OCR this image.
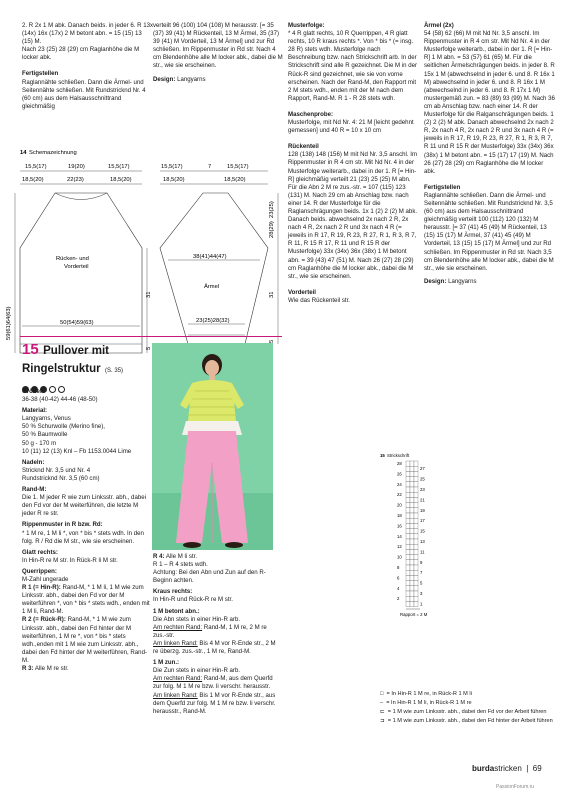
2. R 2x 1 M abk. Danach beids. in jeder 6. R 13x (14x) 16x (17x) 2 M betont abn. = 15 (15) 13 (15) M.

Nach 23 (25) 28 (29) cm Raglanhöhe die M locker abk.

Fertigstellen

Raglannähte schließen. Dann die Ärmel- und Seitennähte schließen. Mit Rundstricknd Nr. 4 (60 cm) aus dem Halsausschnittrand gleichmäßig

verteilt 96 (100) 104 (108) M herausstr. [= 35 (37) 39 (41) M Rückenteil, 13 M Ärmel, 35 (37) 39 (41) M Vorderteil, 13 M Ärmel] und zur Rd schließen. Im Rippenmuster in Rd str. Nach 4 cm Blendenhöhe alle M locker abk., dabei die M str., wie sie erscheinen.

Design: Langyarns

Musterfolge:

* 4 R glatt rechts, 10 R Querrippen, 4 R glatt rechts, 10 R kraus rechts *. Von * bis * (= insg. 28 R) stets wdh. Musterfolge nach Beschreibung bzw. nach Strickschrift arb. In der Strickschrift sind alle R gezeichnet. Die M in der Rück-R sind gezeichnet, wie sie von vorne erscheinen. Nach der Rand-M, den Rapport mit 2 M stets wdh., enden mit der M nach dem Rapport, Rand-M. R 1 - R 28 stets wdh.

Maschenprobe:

Musterfolge, mit Nd Nr. 4: 21 M [leicht gedehnt gemessen] und 40 R = 10 x 10 cm

Rückenteil

128 (138) 148 (156) M mit Nd Nr. 3,5 anschl. Im Rippenmuster in R 4 cm str. Mit Nd Nr. 4 in der Musterfolge weiterarb., dabei in der 1. R [= Hin-R] gleichmäßig verteilt 21 (23) 25 (25) M abn. Für die Abn 2 M re zus.-str. = 107 (115) 123 (131) M. Nach 29 cm ab Anschlag bzw. nach einer 14. R der Musterfolge für die Raglanschrägungen beids. 1x 1 (2) 2 (2) M abk. Danach beids. abwechselnd 2x nach 2 R, 2x nach 4 R, 2x nach 2 R und 3x nach 4 R (= jeweils in R 17, R 19, R 23, R 27, R 1, R 3, R 7, R 11, R 15 R 17, R 11 und R 15 R der Musterfolge) 33x (34x) 36x (38x) 1 M betont abn. = 39 (43) 47 (51) M. Nach 26 (27) 28 (29) cm Raglanhöhe die M locker abk., dabei die M str., wie sie erscheinen.

Vorderteil

Wie das Rückenteil str.

Ärmel (2x)

54 (58) 62 (66) M mit Nd Nr. 3,5 anschl. Im Rippenmuster in R 4 cm str. Mit Nd Nr. 4 in der Musterfolge weiterarb., dabei in der 1. R [= Hin-R] 1 M abn. = 53 (57) 61 (65) M. Für die seitlichen Ärmelschrägungen beids. in jeder 8. R 15x 1 M (abwechselnd in jeder 6. und 8. R 16x 1 M) abwechselnd in jeder 6. und 8. R 16x 1 M (abwechselnd in jeder 6. und 8. R 17x 1 M) mustergemäß zun. = 83 (89) 93 (99) M. Nach 36 cm ab Anschlag bzw. nach einer 14. R der Musterfolge für die Ralganschrägungen beids. 1 (2) 2 (2) M abk. Danach abwechselnd 2x nach 2 R, 2x nach 4 R, 2x nach 2 R und 3x nach 4 R (= jeweils in R 17, R 19, R 23, R 27, R 1, R 3, R 7, R 11 und R 15 R der Musterfolge) 33x (34x) 36x (38x) 1 M betont abn. = 15 (17) 17 (19) M. Nach 26 (27) 28 (29) cm Raglanhöhe die M locker abk.

Fertigstellen

Raglannähte schließen. Dann die Ärmel- und Seitennähte schließen. Mit Rundstricknd Nr. 3,5 (60 cm) aus dem Halsausschnittrand gleichmäßig verteilt 100 (112) 120 (132) M herausstr. [= 37 (41) 45 (49) M Rückenteil, 13 (15) 15 (17) M Ärmel, 37 (41) 45 (49) M Vorderteil, 13 (15) 15 (17) M Ärmel] und zur Rd schließen. Im Rippenmuster in Rd str. Nach 3,5 cm Blendenhöhe alle M locker abk., dabei die M str., wie sie erscheinen.

Design: Langyarns

14 Schemazeichnung
15,5(17)	19(20)	15,5(17)
18,5(20)	22(23)	18,5(20)
Rücken- und
Vorderteil
50(54)59(63)
59(61)64(63)
31
5
15,5(17)	7	15,5(17)
18,5(20)	18,5(20)
38(41)44(47)
Ärmel
23(25)28(32)
23(25)
28(29)
31
5
15 Pullover mit
Ringelstruktur (S. 35)

Größen

36-38 (40-42) 44-46 (48-50)

Material:

Langyarns, Venus
50 % Schurwolle (Merino fine),
50 % Baumwolle
50 g - 170 m
10 (11) 12 (13) Knl – Fb 1153.0044 Lime

Nadeln:

Stricknd Nr. 3,5 und Nr. 4
Rundstricknd Nr. 3,5 (60 cm)

Rand-M:

Die 1. M jeder R wie zum Linksstr. abh., dabei den Fd vor der M weiterführen, die letzte M jeder R re str.

Rippenmuster in R bzw. Rd:

* 1 M re, 1 M li *, von * bis * stets wdh. In den folg. R / Rd die M str., wie sie erscheinen.

Glatt rechts:

In Hin-R re M str. In Rück-R li M str.

Querrippen:

M-Zahl ungerade

R 1 (= Hin-R): Rand-M, * 1 M li, 1 M wie zum Linksstr. abh., dabei den Fd vor der M weiterführen *, von * bis * stets wdh., enden mit 1 M li, Rand-M.

R 2 (= Rück-R): Rand-M, * 1 M wie zum Linksstr. abh., dabei den Fd hinter der M weiterführen, 1 M re *, von * bis * stets wdh.,enden mit 1 M wie zum Linksstr. abh., dabei den Fd hinter der M weiterführen, Rand-M.

R 3: Alle M re str.

R 4: Alle M li str.

R 1 – R 4 stets wdh.
Achtung: Bei den Abn und Zun auf den R-Beginn achten.

Kraus rechts:

In Hin-R und Rück-R re M str.

1 M betont abn.:

Die Abn stets in einer Hin-R arb.

Am rechten Rand: Rand-M, 1 M re, 2 M re zus.-str.

Am linken Rand: Bis 4 M vor R-Ende str., 2 M re überzg. zus.-str., 1 M re, Rand-M.

1 M zun.:

Die Zun stets in einer Hin-R arb.

Am rechten Rand: Rand-M, aus dem Querfd zur folg. M 1 M re bzw. li verschr. herausstr.

Am linken Rand: Bis 1 M vor R-Ende str., aus dem Querfd zur folg. M 1 M re bzw. li verschr. herausstr., Rand-M.

15 Strickschrift
28
26
24
22
20
18
16
14
12
10
8
6
4
2
27
25
23
21
19
17
15
13
11
9
7
5
3
1
Rapport = 2 M
□ = In Hin-R 1 M re, in Rück-R 1 M li
– = In Hin-R 1 M li, in Rück-R 1 M re
⊏ = 1 M wie zum Linksstr. abh., dabei den Fd vor der Arbeit führen
⊐ = 1 M wie zum Linksstr. abh., dabei den Fd hinter der Arbeit führen
burdastricken  |  69
PassionForum.ru
